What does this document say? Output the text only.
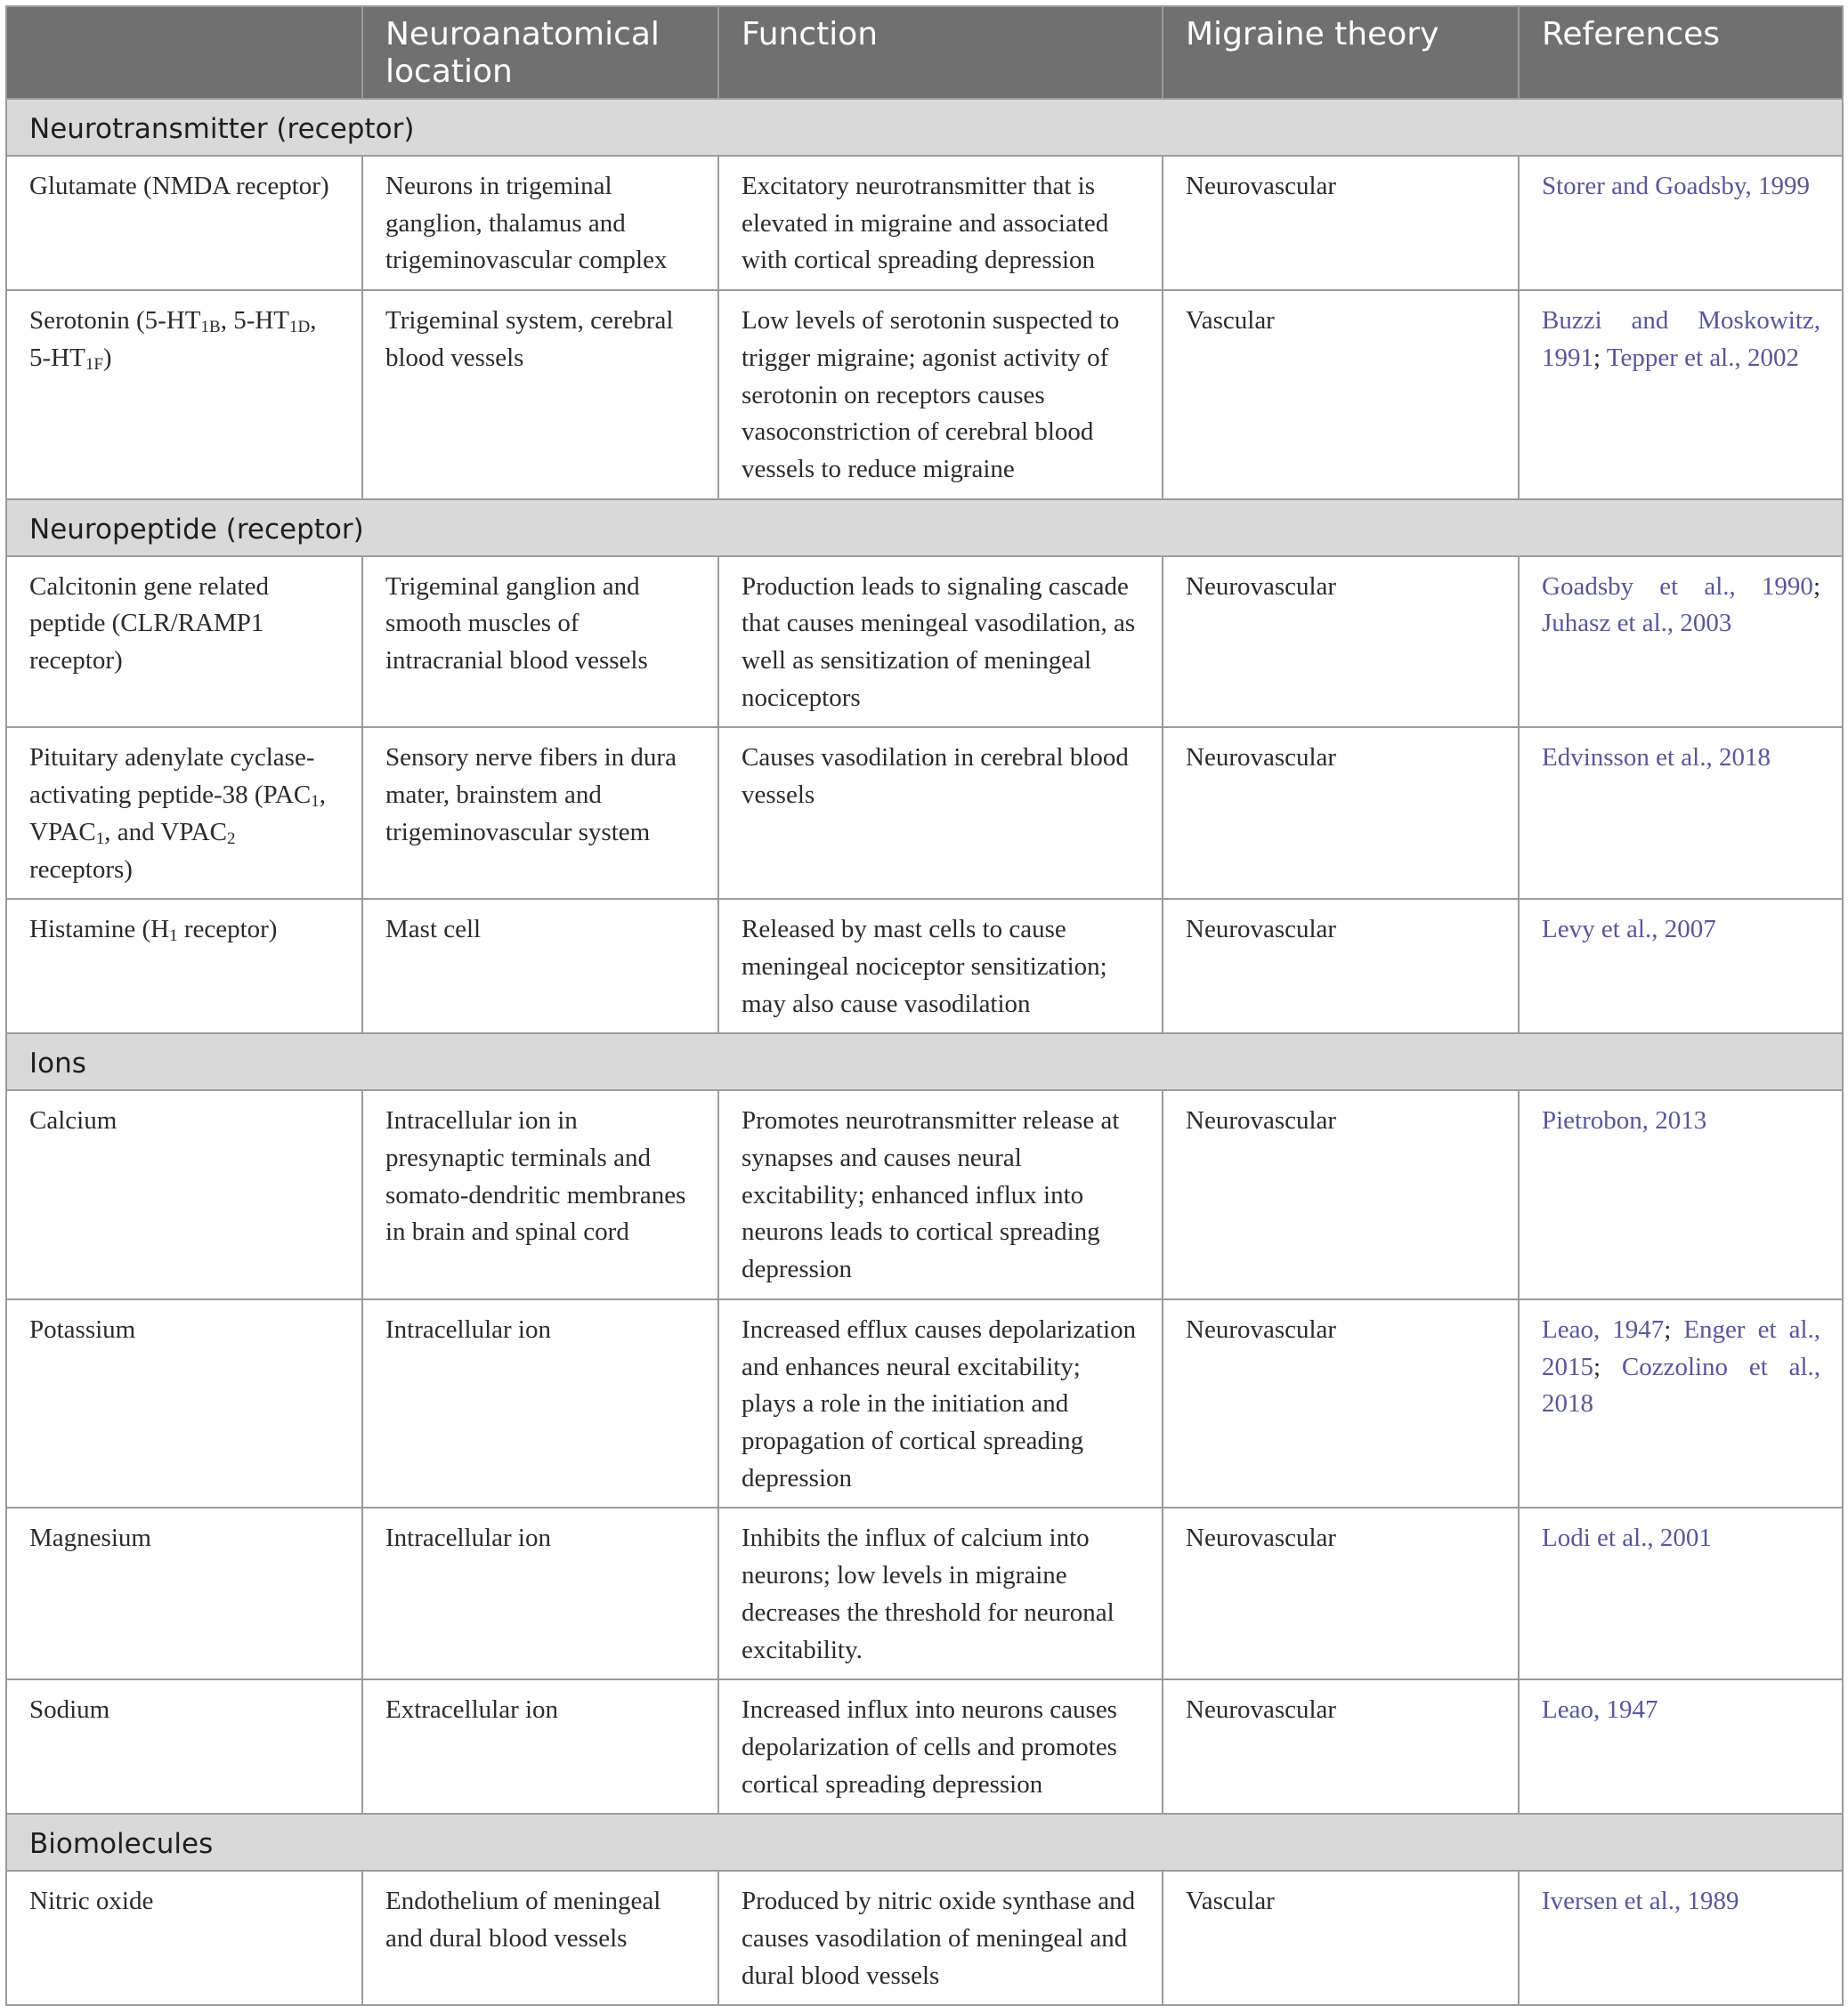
	Neuroanatomical location	Function	Migraine theory	References
Neurotransmitter (receptor)				
Glutamate (NMDA receptor)	Neurons in trigeminal ganglion, thalamus and trigeminovascular complex	Excitatory neurotransmitter that is elevated in migraine and associated with cortical spreading depression	Neurovascular	Storer and Goadsby, 1999
Serotonin ($5-HT_{1B}$, $5-HT_{1D}$, $5-HT_{1F}$)	Trigeminal system, cerebral blood vessels	Low levels of serotonin suspected to trigger migraine; agonist activity of serotonin on receptors causes vasoconstriction of cerebral blood vessels to reduce migraine	Vascular	Buzzi and Moskowitz, 1991; Tepper et al., 2002
Neuropeptide (receptor)				
Calcitonin gene related peptide (CLR/RAMP1 receptor)	Trigeminal ganglion and smooth muscles of intracranial blood vessels	Production leads to signaling cascade that causes meningeal vasodilation, as well as sensitization of meningeal nociceptors	Neurovascular	Goadsby et al., 1990; Juhasz et al., 2003
Pituitary adenylate cyclase-activating peptide-38 ($PAC_1$, $VPAC_1$, and $VPAC_2$ receptors)	Sensory nerve fibers in dura mater, brainstem and trigeminovascular system	Causes vasodilation in cerebral blood vessels	Neurovascular	Edvinsson et al., 2018
Histamine ($H_1$ receptor)	Mast cell	Released by mast cells to cause meningeal nociceptor sensitization; may also cause vasodilation	Neurovascular	Levy et al., 2007
Ions				
Calcium	Intracellular ion in presynaptic terminals and somato-dendritic membranes in brain and spinal cord	Promotes neurotransmitter release at synapses and causes neural excitability; enhanced influx into neurons leads to cortical spreading depression	Neurovascular	Pietrobon, 2013
Potassium	Intracellular ion	Increased efflux causes depolarization and enhances neural excitability; plays a role in the initiation and propagation of cortical spreading depression	Neurovascular	Leao, 1947; Enger et al., 2015; Cozzolino et al., 2018
Magnesium	Intracellular ion	Inhibits the influx of calcium into neurons; low levels in migraine decreases the threshold for neuronal excitability.	Neurovascular	Lodi et al., 2001
Sodium	Extracellular ion	Increased influx into neurons causes depolarization of cells and promotes cortical spreading depression	Neurovascular	Leao, 1947
Biomolecules				
Nitric oxide	Endothelium of meningeal and dural blood vessels	Produced by nitric oxide synthase and causes vasodilation of meningeal and dural blood vessels	Vascular	Iversen et al., 1989
